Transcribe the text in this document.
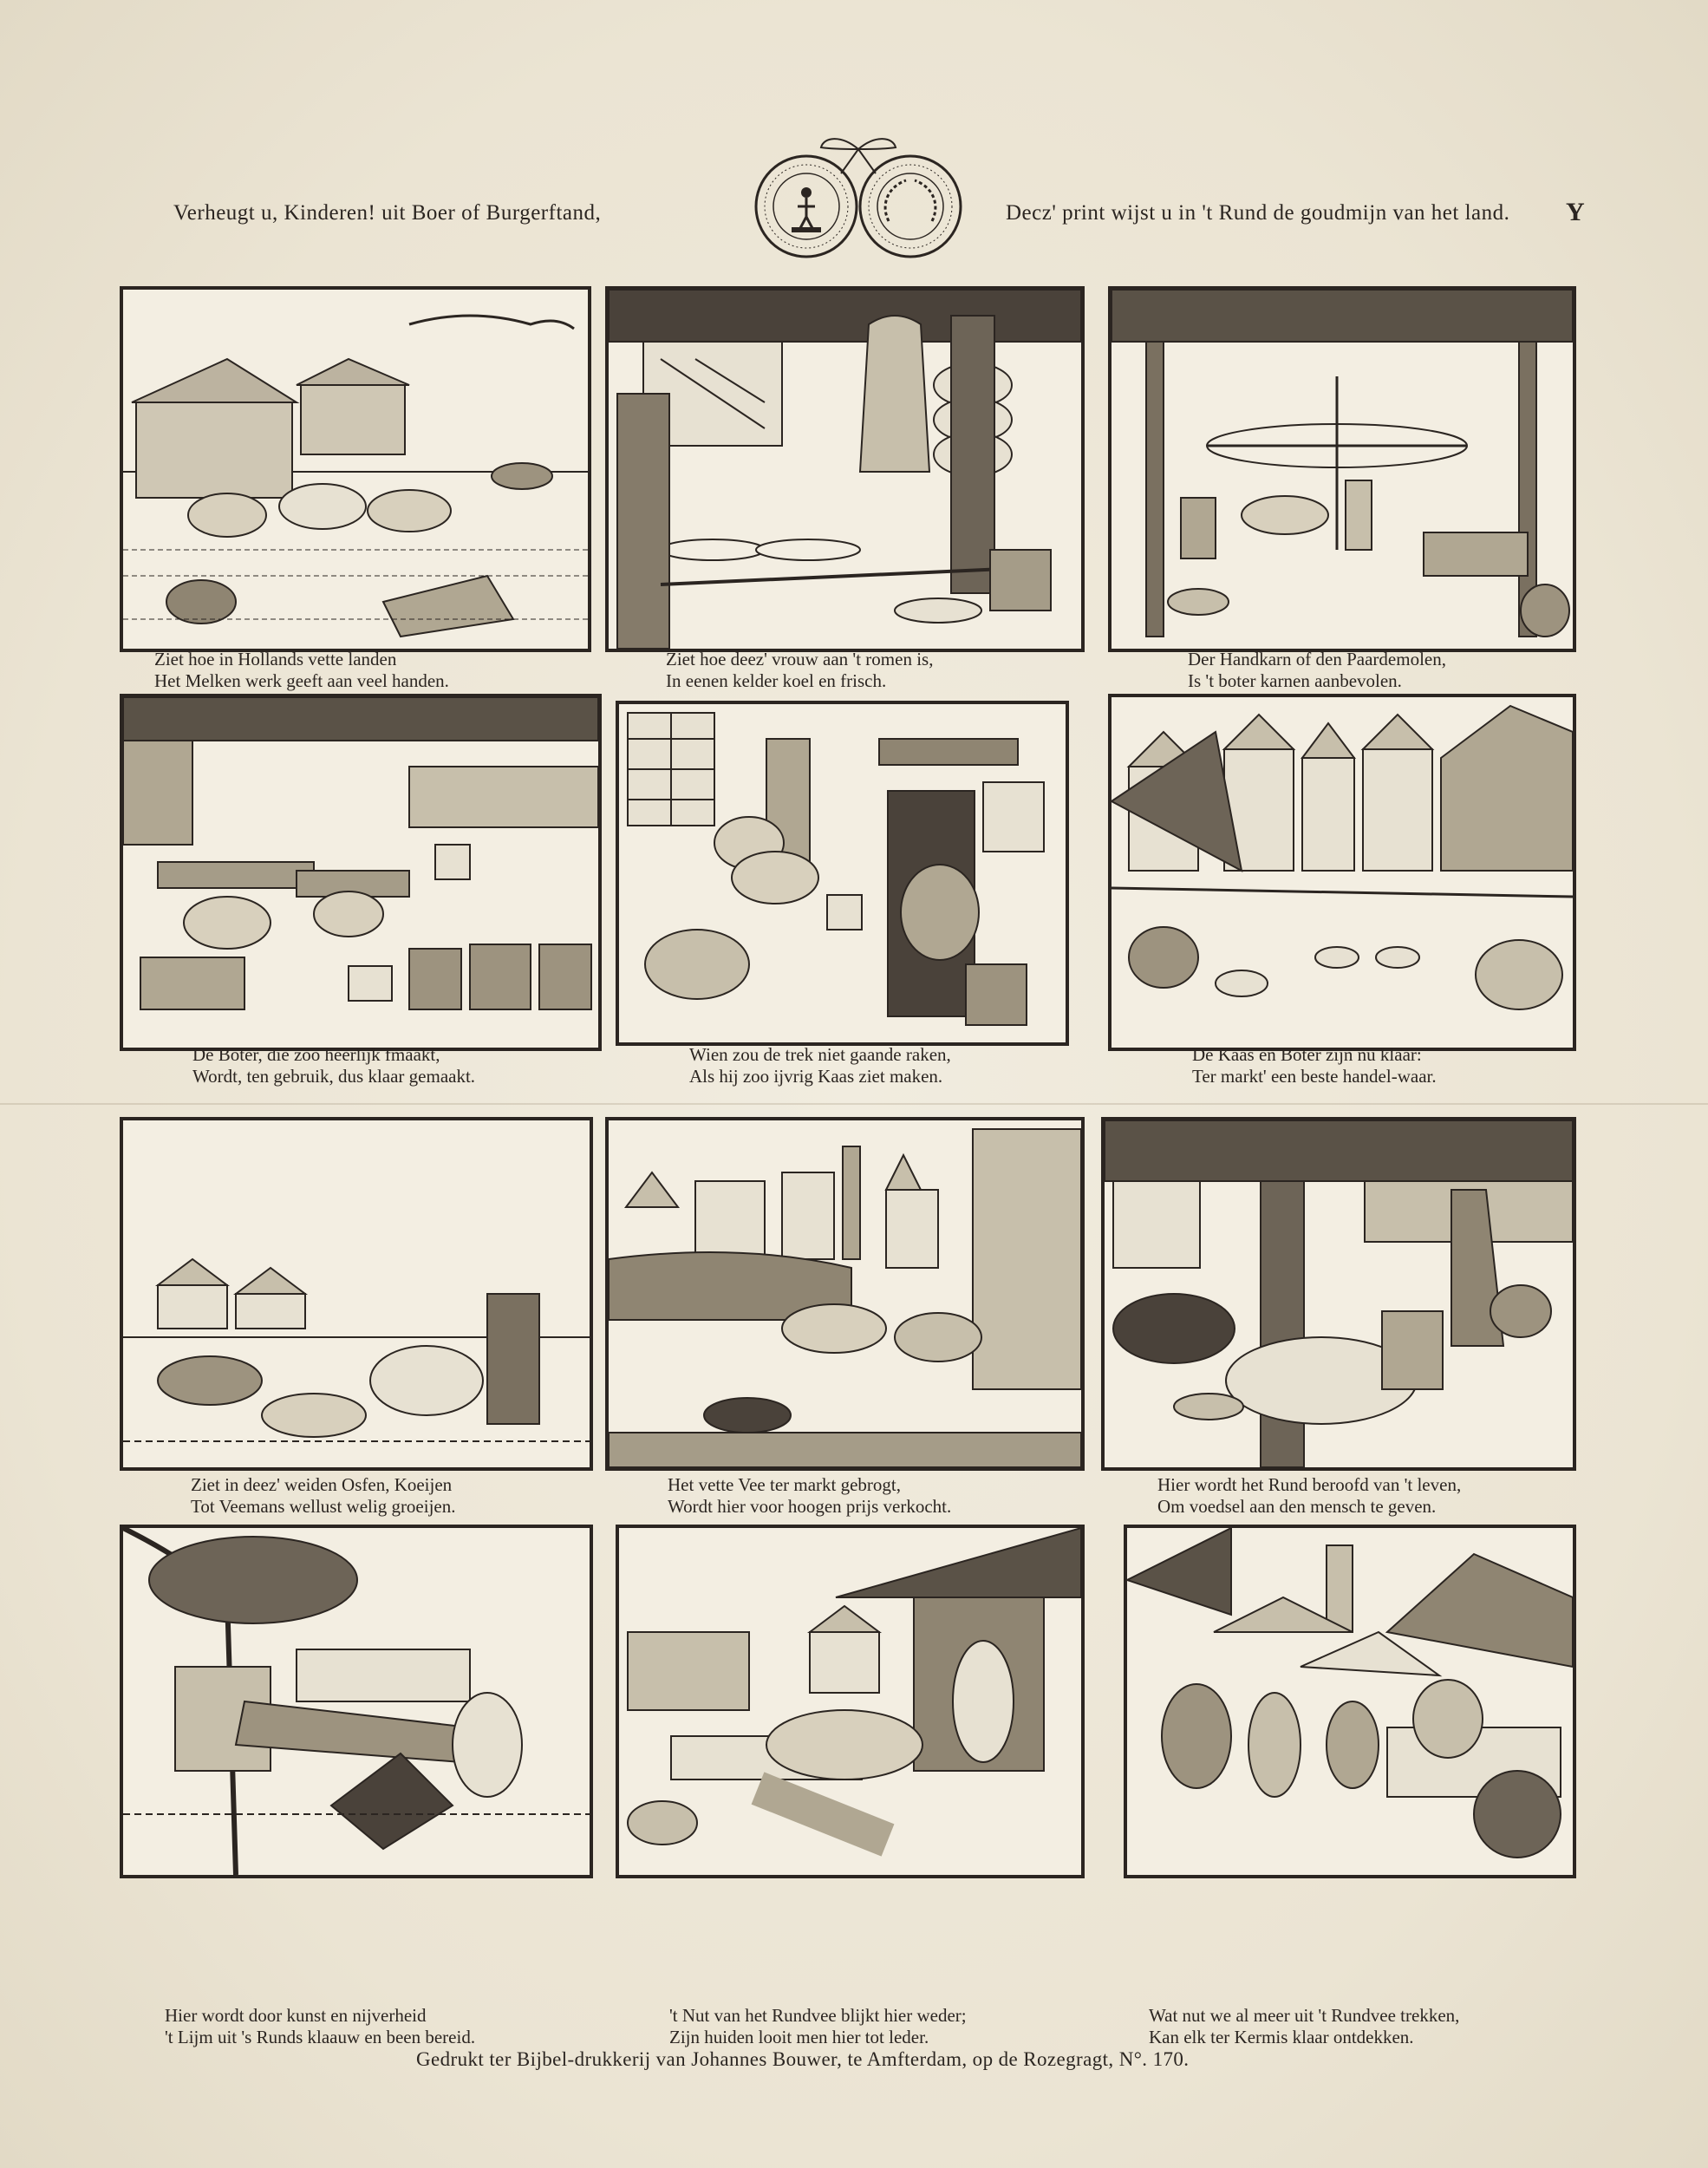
Verheugt u, Kinderen! uit Boer of Burgerftand,	Decz' print wijst u in 't Rund de goudmijn van het land. Y
Ziet hoe in Hollands vette landen
Het Melken werk geeft aan veel handen.
Ziet hoe deez' vrouw aan 't romen is,
In eenen kelder koel en frisch.
Der Handkarn of den Paardemolen,
Is 't boter karnen aanbevolen.
De Boter, die zoo heerlijk fmaakt,
Wordt, ten gebruik, dus klaar gemaakt.
Wien zou de trek niet gaande raken,
Als hij zoo ijvrig Kaas ziet maken.
De Kaas en Boter zijn nu klaar:
Ter markt' een beste handel-waar.
Ziet in deez' weiden Osfen, Koeijen
Tot Veemans wellust welig groeijen.
Het vette Vee ter markt gebrogt,
Wordt hier voor hoogen prijs verkocht.
Hier wordt het Rund beroofd van 't leven,
Om voedsel aan den mensch te geven.
Hier wordt door kunst en nijverheid
't Lijm uit 's Runds klaauw en been bereid.
't Nut van het Rundvee blijkt hier weder;
Zijn huiden looit men hier tot leder.
Wat nut we al meer uit 't Rundvee trekken,
Kan elk ter Kermis klaar ontdekken.
Gedrukt ter Bijbel-drukkerij van Johannes Bouwer, te Amfterdam, op de Rozegragt, N°. 170.
